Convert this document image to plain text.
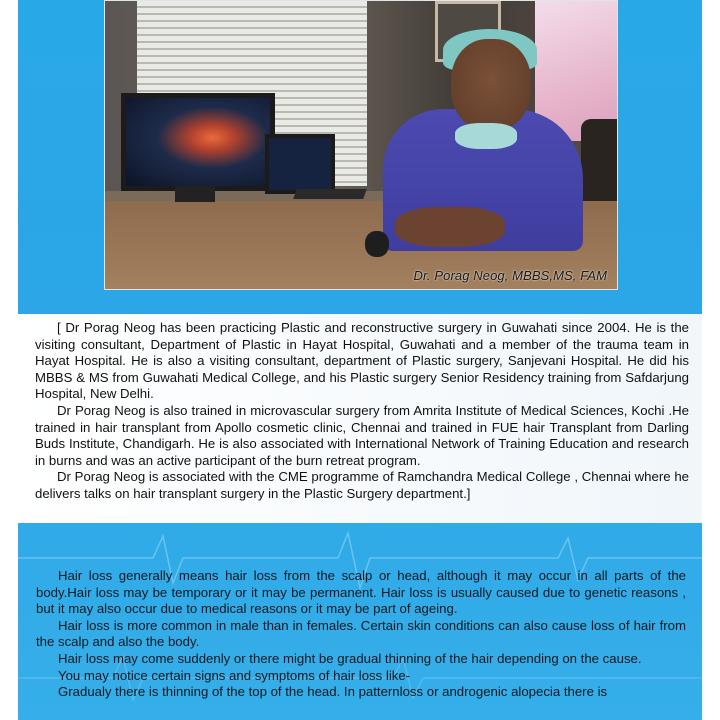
Dr. Porag Neog, MBBS,MS, FAM

[ Dr Porag Neog has been practicing Plastic and reconstructive surgery in Guwahati since 2004. He is the visiting consultant, Department of Plastic in Hayat Hospital, Guwahati and a member of the trauma team in Hayat Hospital. He is also a visiting consultant, department of Plastic surgery, Sanjevani Hospital. He did his MBBS & MS from Guwahati Medical College, and his Plastic surgery Senior Residency training from Safdarjung Hospital, New Delhi.

Dr Porag Neog is also trained in microvascular surgery from Amrita Institute of Medical Sciences, Kochi .He trained in hair transplant from Apollo cosmetic clinic, Chennai and trained in FUE hair Transplant from Darling Buds Institute, Chandigarh. He is also associated with International Network of Training Education and research in burns and was an active participant of the burn retreat program.

Dr Porag Neog is associated with the CME programme of Ramchandra Medical College , Chennai where he delivers talks on hair transplant surgery in the Plastic Surgery department.]

Hair loss generally means hair loss from the scalp or head, although it may occur in all parts of the body.Hair loss may be temporary or it may be permanent. Hair loss is usually caused due to genetic reasons , but it may also occur due to medical reasons or it may be part of ageing.

Hair loss is more common in male than in females. Certain skin conditions can also cause loss of hair from the scalp and also the body.

Hair loss may come suddenly or there might be gradual thinning of the hair depending on the cause.

You may notice certain signs and symptoms of hair loss like-

Gradualy there is thinning of the top of the head. In patternloss or androgenic alopecia there is
